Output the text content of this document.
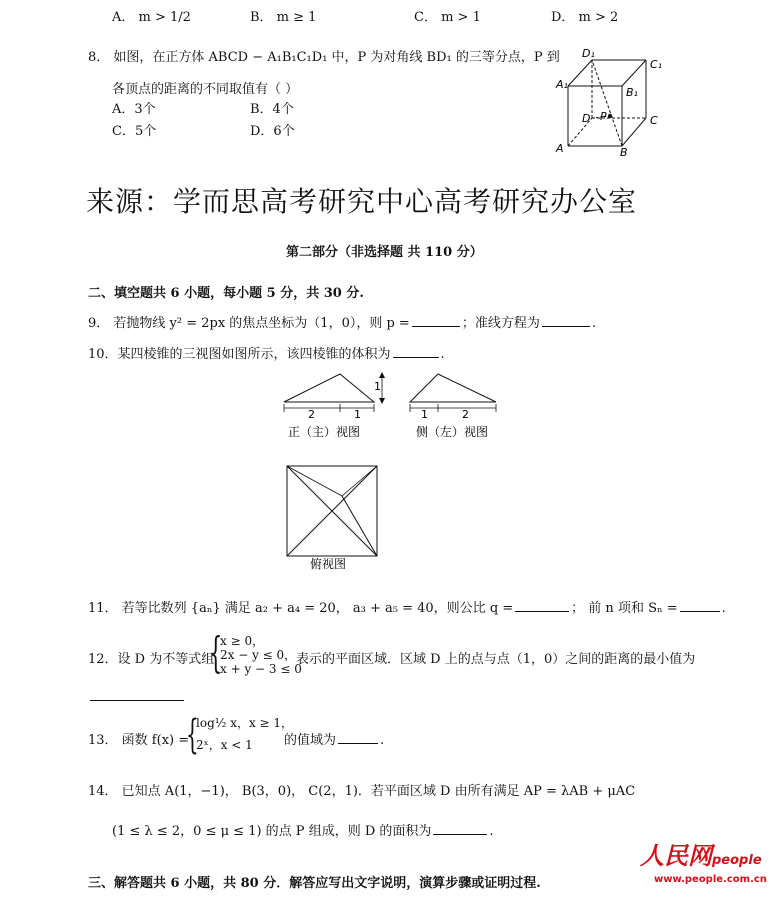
A． m > 1/2	B． m ≥ 1	C． m > 1	D． m > 2
8． 如图，在正方体 ABCD − A₁B₁C₁D₁ 中，P 为对角线 BD₁ 的三等分点，P 到
各顶点的距离的不同取值有（ ）
A．3个	B．4个
C．5个	D．6个
D₁
C₁
A₁
B₁
D P	C
A	B
来源：学而思高考研究中心高考研究办公室
第二部分（非选择题 共 110 分）
二、填空题共 6 小题，每小题 5 分，共 30 分.
9． 若抛物线 y² = 2px 的焦点坐标为（1，0），则 p =	；准线方程为	.
10．某四棱锥的三视图如图所示，该四棱锥的体积为	.
2	1
1
正（主）视图
1	2
侧（左）视图
俯视图
11． 若等比数列 {aₙ} 满足 a₂ + a₄ = 20， a₃ + a₅ = 40，则公比 q =	； 前 n 项和 Sₙ =	.
12．设 D 为不等式组
{
x ≥ 0，
2x − y ≤ 0，
x + y − 3 ≤ 0
表示的平面区域．区域 D 上的点与点（1，0）之间的距离的最小值为
13． 函数 f(x) =
{
log½ x，x ≥ 1，
2ˣ，x < 1	的值域为	.
14． 已知点 A(1，−1)， B(3，0)， C(2，1)．若平面区域 D 由所有满足 AP = λAB + μAC
(1 ≤ λ ≤ 2，0 ≤ μ ≤ 1) 的点 P 组成，则 D 的面积为	.
三、解答题共 6 小题，共 80 分．解答应写出文字说明，演算步骤或证明过程.
人民网people
www.people.com.cn
